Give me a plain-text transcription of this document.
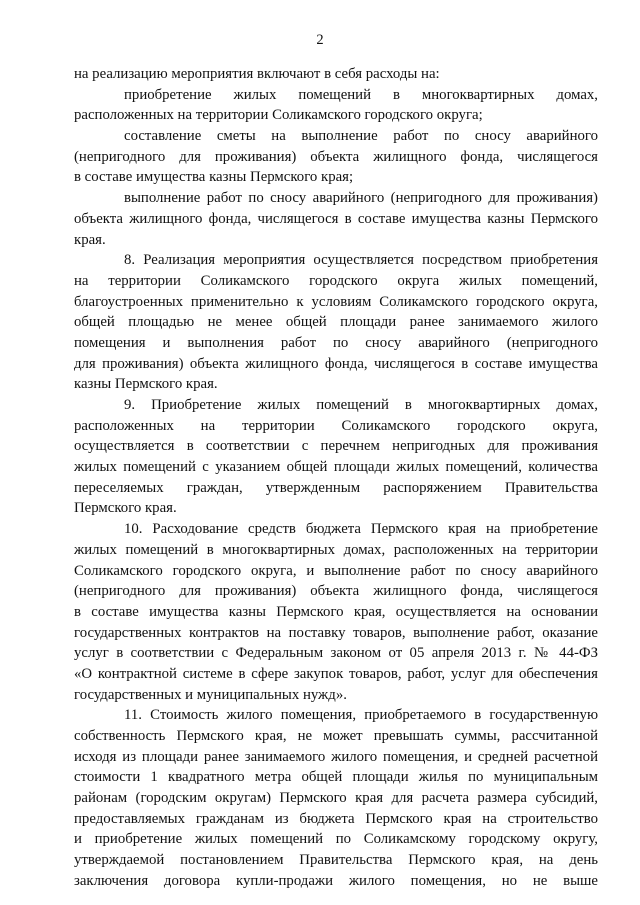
2
на реализацию мероприятия включают в себя расходы на:
приобретение жилых помещений в многоквартирных домах,
расположенных на территории Соликамского городского округа;
составление сметы на выполнение работ по сносу аварийного
(непригодного для проживания) объекта жилищного фонда, числящегося
в составе имущества казны Пермского края;
выполнение работ по сносу аварийного (непригодного для проживания)
объекта жилищного фонда, числящегося в составе имущества казны Пермского
края.
8. Реализация мероприятия осуществляется посредством приобретения
на территории Соликамского городского округа жилых помещений,
благоустроенных применительно к условиям Соликамского городского округа,
общей площадью не менее общей площади ранее занимаемого жилого
помещения и выполнения работ по сносу аварийного (непригодного
для проживания) объекта жилищного фонда, числящегося в составе имущества
казны Пермского края.
9. Приобретение жилых помещений в многоквартирных домах,
расположенных на территории Соликамского городского округа,
осуществляется в соответствии с перечнем непригодных для проживания
жилых помещений с указанием общей площади жилых помещений, количества
переселяемых граждан, утвержденным распоряжением Правительства
Пермского края.
10. Расходование средств бюджета Пермского края на приобретение
жилых помещений в многоквартирных домах, расположенных на территории
Соликамского городского округа, и выполнение работ по сносу аварийного
(непригодного для проживания) объекта жилищного фонда, числящегося
в составе имущества казны Пермского края, осуществляется на основании
государственных контрактов на поставку товаров, выполнение работ, оказание
услуг в соответствии с Федеральным законом от 05 апреля 2013 г. № 44-ФЗ
«О контрактной системе в сфере закупок товаров, работ, услуг для обеспечения
государственных и муниципальных нужд».
11. Стоимость жилого помещения, приобретаемого в государственную
собственность Пермского края, не может превышать суммы, рассчитанной
исходя из площади ранее занимаемого жилого помещения, и средней расчетной
стоимости 1 квадратного метра общей площади жилья по муниципальным
районам (городским округам) Пермского края для расчета размера субсидий,
предоставляемых гражданам из бюджета Пермского края на строительство
и приобретение жилых помещений по Соликамскому городскому округу,
утверждаемой постановлением Правительства Пермского края, на день
заключения договора купли-продажи жилого помещения, но не выше
